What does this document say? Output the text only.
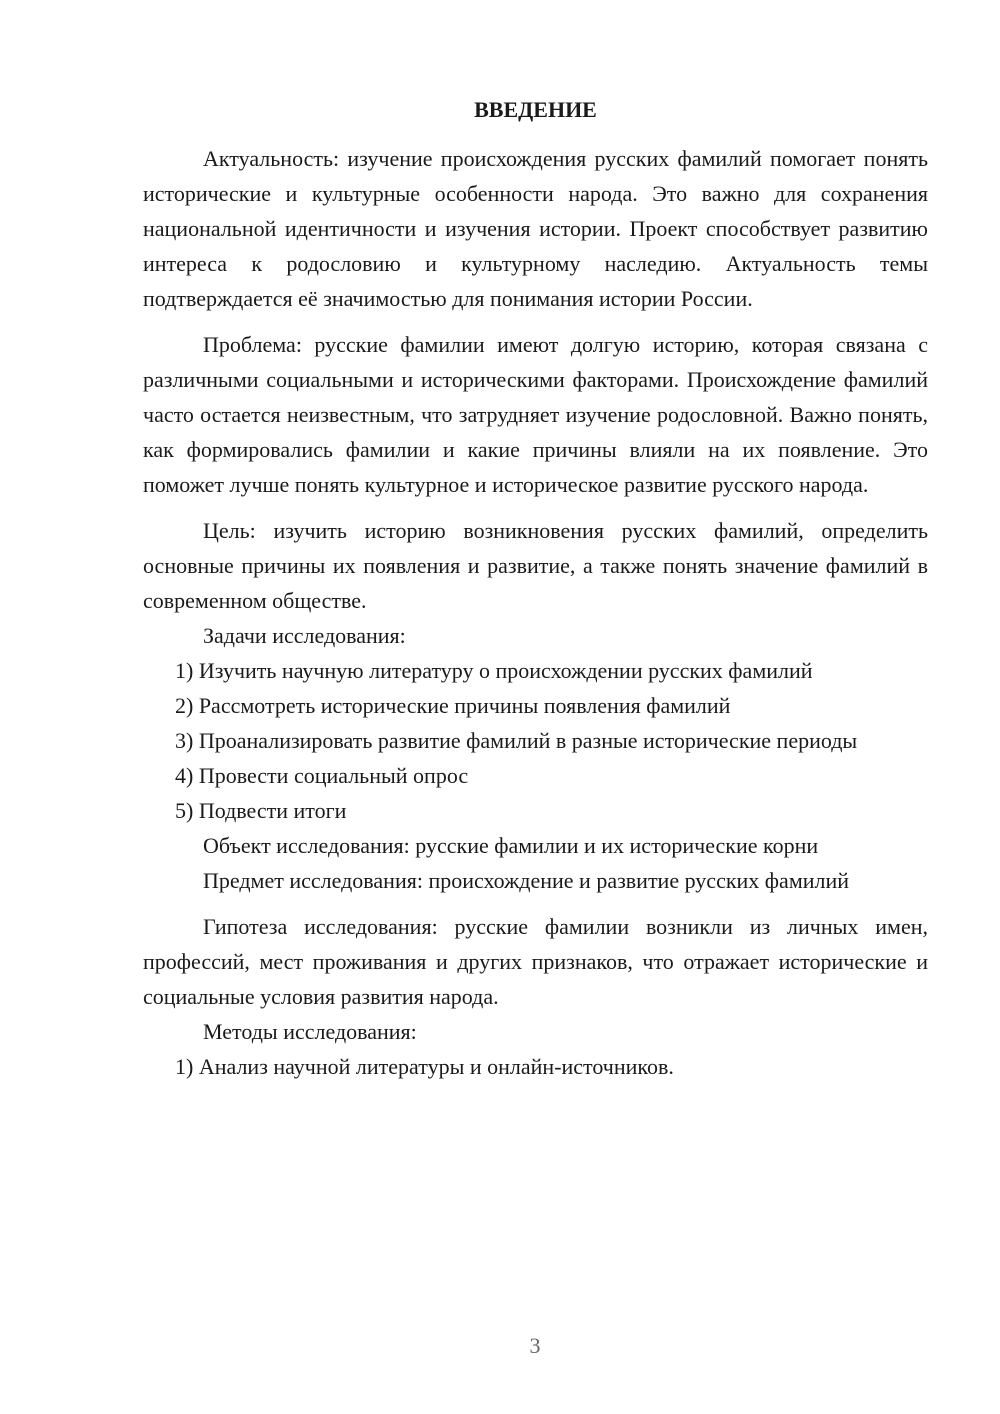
ВВЕДЕНИЕ

Актуальность: изучение происхождения русских фамилий помогает понять исторические и культурные особенности народа. Это важно для сохранения национальной идентичности и изучения истории. Проект способствует развитию интереса к родословию и культурному наследию. Актуальность темы подтверждается её значимостью для понимания истории России.

Проблема: русские фамилии имеют долгую историю, которая связана с различными социальными и историческими факторами. Происхождение фамилий часто остается неизвестным, что затрудняет изучение родословной. Важно понять, как формировались фамилии и какие причины влияли на их появление. Это поможет лучше понять культурное и историческое развитие русского народа.

Цель: изучить историю возникновения русских фамилий, определить основные причины их появления и развитие, а также понять значение фамилий в современном обществе.

Задачи исследования:

1) Изучить научную литературу о происхождении русских фамилий

2) Рассмотреть исторические причины появления фамилий

3) Проанализировать развитие фамилий в разные исторические периоды

4) Провести социальный опрос

5) Подвести итоги

Объект исследования: русские фамилии и их исторические корни

Предмет исследования: происхождение и развитие русских фамилий

Гипотеза исследования: русские фамилии возникли из личных имен, профессий, мест проживания и других признаков, что отражает исторические и социальные условия развития народа.

Методы исследования:

1) Анализ научной литературы и онлайн-источников.

3
